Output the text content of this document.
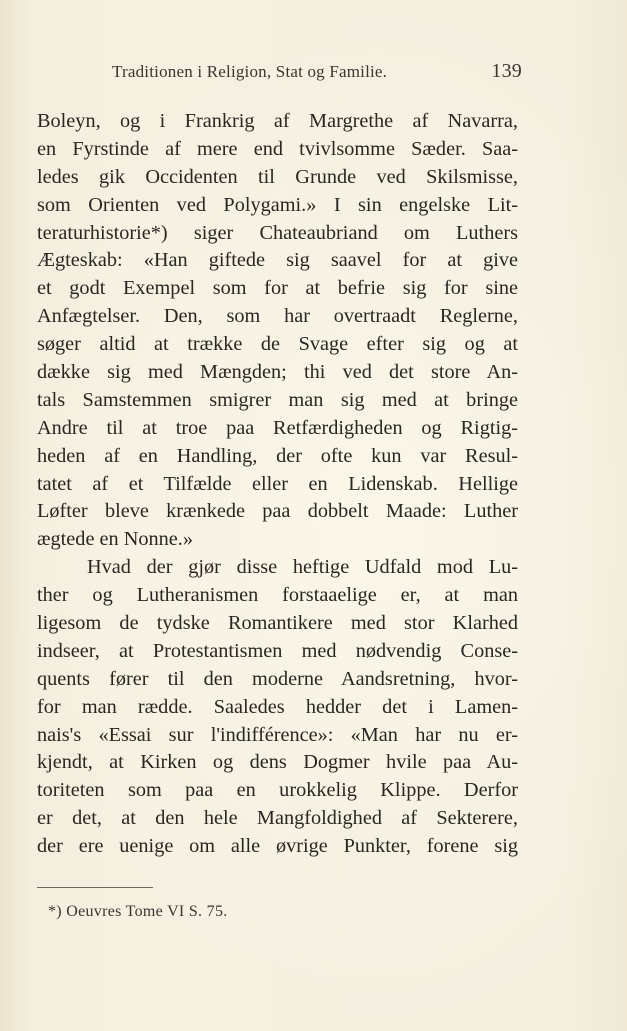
Traditionen i Religion, Stat og Familie.	139
Boleyn, og i Frankrig af Margrethe af Navarra,
en Fyrstinde af mere end tvivlsomme Sæder. Saa-
ledes gik Occidenten til Grunde ved Skilsmisse,
som Orienten ved Polygami.» I sin engelske Lit-
teraturhistorie*) siger Chateaubriand om Luthers
Ægteskab: «Han giftede sig saavel for at give
et godt Exempel som for at befrie sig for sine
Anfægtelser. Den, som har overtraadt Reglerne,
søger altid at trække de Svage efter sig og at
dække sig med Mængden; thi ved det store An-
tals Samstemmen smigrer man sig med at bringe
Andre til at troe paa Retfærdigheden og Rigtig-
heden af en Handling, der ofte kun var Resul-
tatet af et Tilfælde eller en Lidenskab. Hellige
Løfter bleve krænkede paa dobbelt Maade: Luther
ægtede en Nonne.»
Hvad der gjør disse heftige Udfald mod Lu-
ther og Lutheranismen forstaaelige er, at man
ligesom de tydske Romantikere med stor Klarhed
indseer, at Protestantismen med nødvendig Conse-
quents fører til den moderne Aandsretning, hvor-
for man rædde. Saaledes hedder det i Lamen-
nais's «Essai sur l'indifférence»: «Man har nu er-
kjendt, at Kirken og dens Dogmer hvile paa Au-
toriteten som paa en urokkelig Klippe. Derfor
er det, at den hele Mangfoldighed af Sekterere,
der ere uenige om alle øvrige Punkter, forene sig
*) Oeuvres Tome VI S. 75.
